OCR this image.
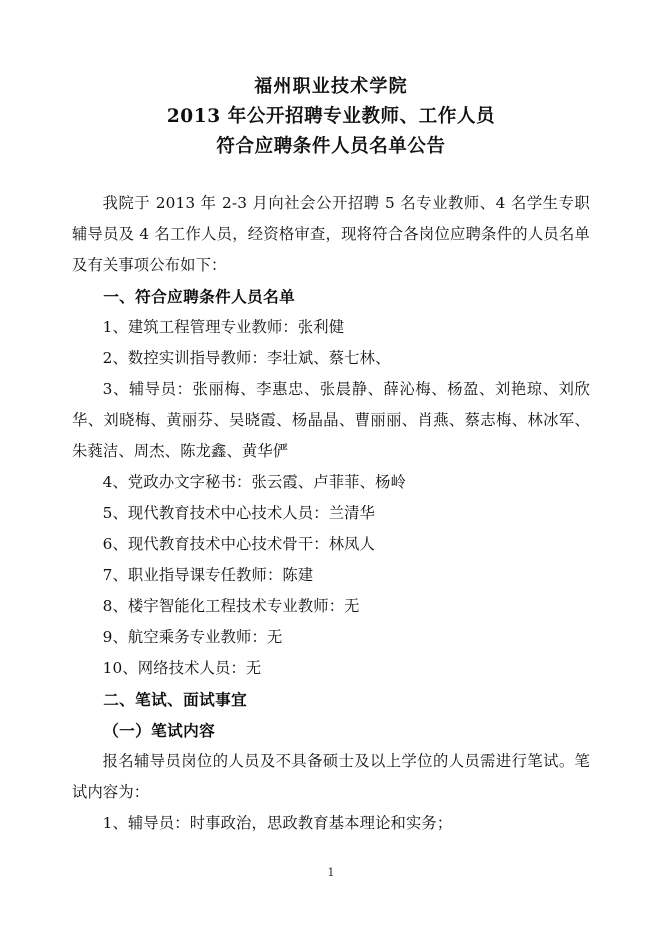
福州职业技术学院
2013 年公开招聘专业教师、工作人员
符合应聘条件人员名单公告
我院于 2013 年 2-3 月向社会公开招聘 5 名专业教师、4 名学生专职辅导员及 4 名工作人员，经资格审查，现将符合各岗位应聘条件的人员名单及有关事项公布如下：
一、符合应聘条件人员名单
1、建筑工程管理专业教师：张利健
2、数控实训指导教师：李壮斌、蔡七林、
3、辅导员：张丽梅、李惠忠、张晨静、薛沁梅、杨盈、刘艳琼、刘欣华、刘晓梅、黄丽芬、吴晓霞、杨晶晶、曹丽丽、肖燕、蔡志梅、林冰军、朱蕤洁、周杰、陈龙鑫、黄华俨
4、党政办文字秘书：张云霞、卢菲菲、杨岭
5、现代教育技术中心技术人员：兰清华
6、现代教育技术中心技术骨干：林凤人
7、职业指导课专任教师：陈建
8、楼宇智能化工程技术专业教师：无
9、航空乘务专业教师：无
10、网络技术人员：无
二、笔试、面试事宜
（一）笔试内容
报名辅导员岗位的人员及不具备硕士及以上学位的人员需进行笔试。笔试内容为：
1、辅导员：时事政治，思政教育基本理论和实务；
1
